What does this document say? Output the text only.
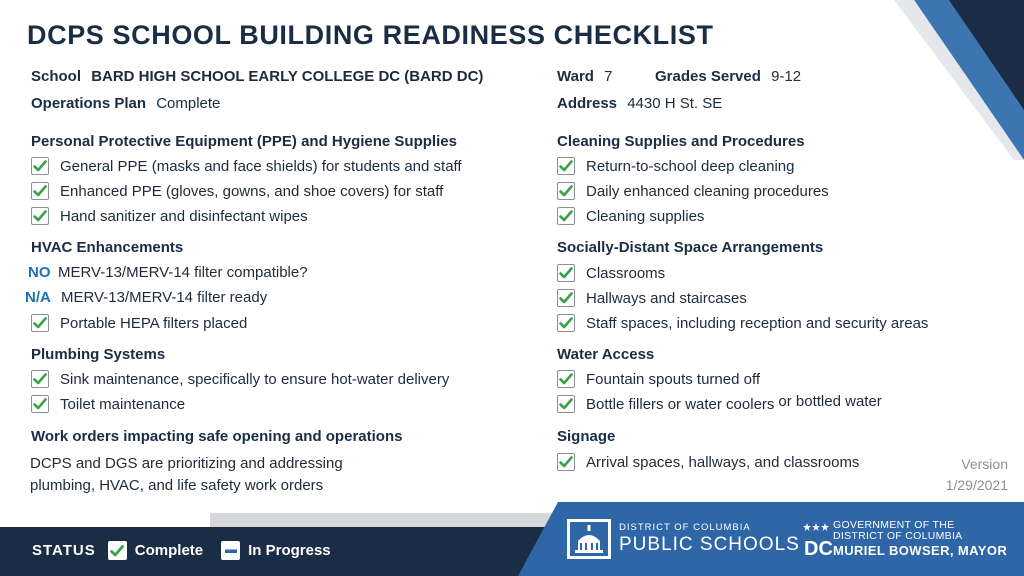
DCPS SCHOOL BUILDING READINESS CHECKLIST
School BARD HIGH SCHOOL EARLY COLLEGE DC (BARD DC)
Operations Plan Complete
Ward 7	Grades Served 9-12
Address 4430 H St. SE
Personal Protective Equipment (PPE) and Hygiene Supplies
General PPE (masks and face shields) for students and staff
Enhanced PPE (gloves, gowns, and shoe covers) for staff
Hand sanitizer and disinfectant wipes
HVAC Enhancements
NO MERV-13/MERV-14 filter compatible?
N/A MERV-13/MERV-14 filter ready
Portable HEPA filters placed
Plumbing Systems
Sink maintenance, specifically to ensure hot-water delivery
Toilet maintenance
Work orders impacting safe opening and operations
DCPS and DGS are prioritizing and addressing
plumbing, HVAC, and life safety work orders
Cleaning Supplies and Procedures
Return-to-school deep cleaning
Daily enhanced cleaning procedures
Cleaning supplies
Socially-Distant Space Arrangements
Classrooms
Hallways and staircases
Staff spaces, including reception and security areas
Water Access
Fountain spouts turned off
Bottle fillers or water coolers or bottled water
Signage
Arrival spaces, hallways, and classrooms	Version
1/29/2021
STATUS	Complete	In Progress
DISTRICT OF COLUMBIA
PUBLIC SCHOOLS DC
GOVERNMENT OF THE
DISTRICT OF COLUMBIA
MURIEL BOWSER, MAYOR
